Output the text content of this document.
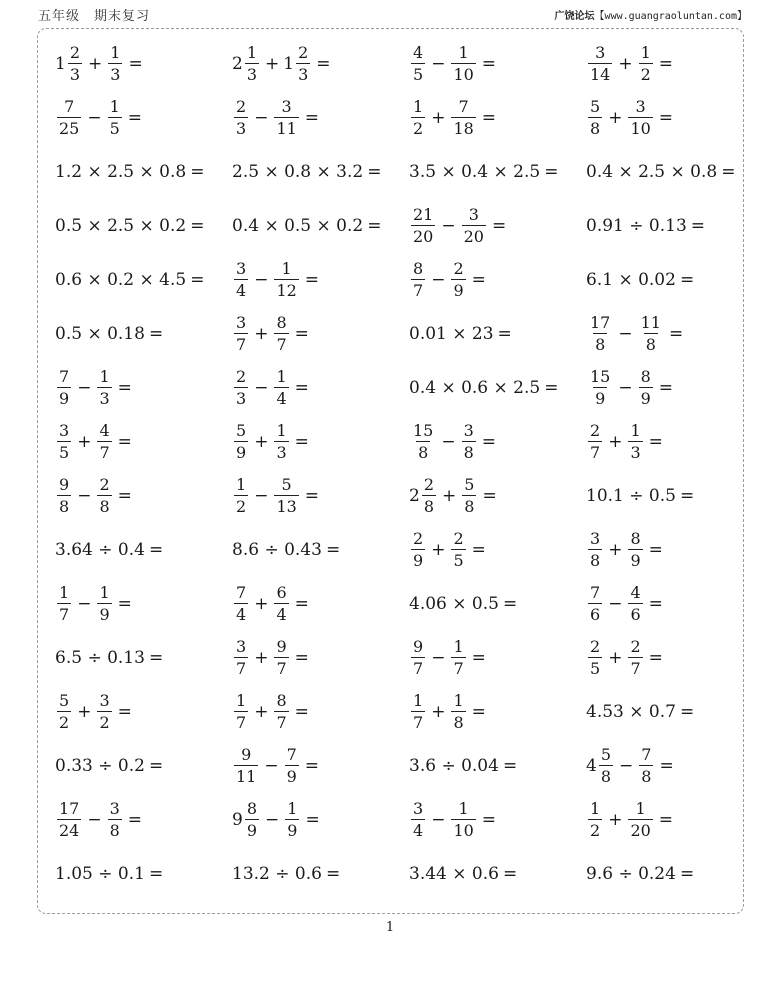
五年级 期末复习	广饶论坛【www.guangraoluntan.com】
$1 \frac{2}{3} + \frac{1}{3}$ =	$2 \frac{1}{3} + 1 \frac{2}{3}$ =	$\frac{4}{5} - \frac{1}{10}$ =	$\frac{3}{14} + \frac{1}{2}$ =
$\frac{7}{25} - \frac{1}{5}$ =	$\frac{2}{3} - \frac{3}{11}$ =	$\frac{1}{2} + \frac{7}{18}$ =	$\frac{5}{8} + \frac{3}{10}$ =
1.2 × 2.5 × 0.8 = 2.5 × 0.8 × 3.2 = 3.5 × 0.4 × 2.5 = 0.4 × 2.5 × 0.8 =
$0.5 \times 2.5 \times 0.2 = 0.4 \times 0.5 \times 0.2 = \frac{21}{20} - \frac{3}{20}$ =	0.91 ÷ 0.13 =
$0.6 \times 0.2 \times 4.5 = \frac{3}{4} - \frac{1}{12}$ =	$\frac{8}{7} - \frac{2}{9}$ =	6.1 × 0.02 =
0.5 × 0.18 =	$\frac{3}{7} + \frac{8}{7}$ =	0.01 × 23 =	$\frac{17}{8} - \frac{11}{8}$ =
$\frac{7}{9} - \frac{1}{3}$ =	$\frac{2}{3} - \frac{1}{4}$ =	$0.4 \times 0.6 \times 2.5 = \frac{15}{9} - \frac{8}{9}$ =
$\frac{3}{5} + \frac{4}{7}$ =	$\frac{5}{9} + \frac{1}{3}$ =	$\frac{15}{8} - \frac{3}{8}$ =	$\frac{2}{7} + \frac{1}{3}$ =
$\frac{9}{8} - \frac{2}{8}$ =	$\frac{1}{2} - \frac{5}{13}$ =	$2 \frac{2}{8} + \frac{5}{8}$ =	10.1 ÷ 0.5 =
3.64 ÷ 0.4 =	8.6 ÷ 0.43 =	$\frac{2}{9} + \frac{2}{5}$ =	$\frac{3}{8} + \frac{8}{9}$ =
$\frac{1}{7} - \frac{1}{9}$ =	$\frac{7}{4} + \frac{6}{4}$ =	4.06 × 0.5 =	$\frac{7}{6} - \frac{4}{6}$ =
6.5 ÷ 0.13 =	$\frac{3}{7} + \frac{9}{7}$ =	$\frac{9}{7} - \frac{1}{7}$ =	$\frac{2}{5} + \frac{2}{7}$ =
$\frac{5}{2} + \frac{3}{2}$ =	$\frac{1}{7} + \frac{8}{7}$ =	$\frac{1}{7} + \frac{1}{8}$ =	4.53 × 0.7 =
0.33 ÷ 0.2 =	$\frac{9}{11} - \frac{7}{9}$ =	3.6 ÷ 0.04 =	$4 \frac{5}{8} - \frac{7}{8}$ =
$\frac{17}{24} - \frac{3}{8}$ =	$9 \frac{8}{9} - \frac{1}{9}$ =	$\frac{3}{4} - \frac{1}{10}$ =	$\frac{1}{2} + \frac{1}{20}$ =
1.05 ÷ 0.1 =	13.2 ÷ 0.6 =	3.44 × 0.6 =	9.6 ÷ 0.24 =
1
